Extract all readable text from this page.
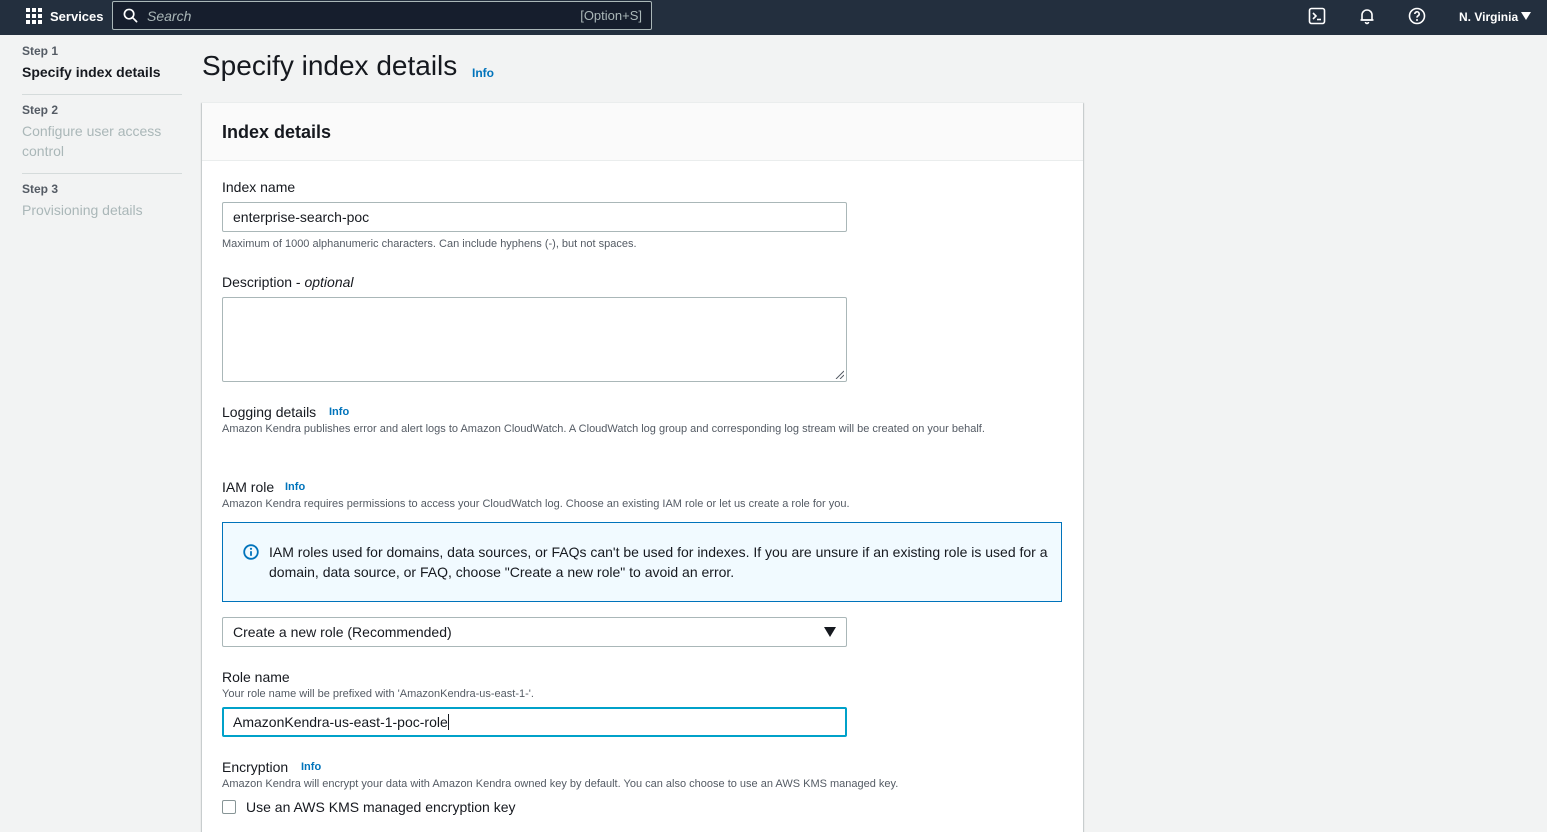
Services
Search	[Option+S]	N. Virginia
Step 1
Specify index details
Step 2
Configure user access control
Step 3
Provisioning details
Specify index details Info
Index details
Index name
enterprise-search-poc
Maximum of 1000 alphanumeric characters. Can include hyphens (-), but not spaces.
Description - optional
Logging details Info
Amazon Kendra publishes error and alert logs to Amazon CloudWatch. A CloudWatch log group and corresponding log stream will be created on your behalf.
IAM role Info
Amazon Kendra requires permissions to access your CloudWatch log. Choose an existing IAM role or let us create a role for you.
IAM roles used for domains, data sources, or FAQs can't be used for indexes. If you are unsure if an existing role is used for a domain, data source, or FAQ, choose "Create a new role" to avoid an error.
Create a new role (Recommended)
Role name
Your role name will be prefixed with 'AmazonKendra-us-east-1-'.
AmazonKendra-us-east-1-poc-role
Encryption Info
Amazon Kendra will encrypt your data with Amazon Kendra owned key by default. You can also choose to use an AWS KMS managed key.
Use an AWS KMS managed encryption key
